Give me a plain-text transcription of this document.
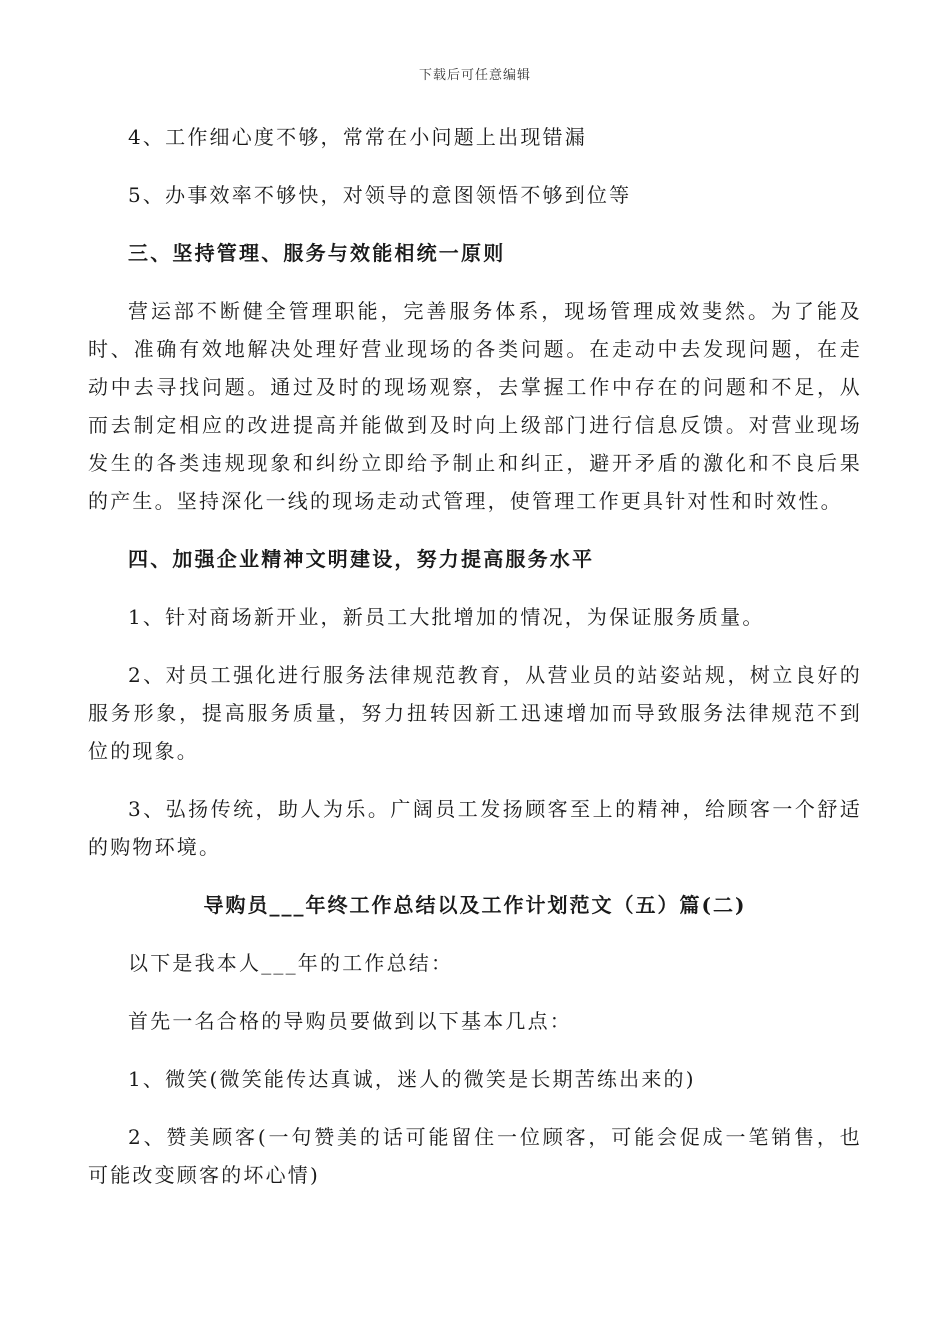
下载后可任意编辑

4、工作细心度不够，常常在小问题上出现错漏

5、办事效率不够快，对领导的意图领悟不够到位等

三、坚持管理、服务与效能相统一原则

营运部不断健全管理职能，完善服务体系，现场管理成效斐然。为了能及时、准确有效地解决处理好营业现场的各类问题。在走动中去发现问题，在走动中去寻找问题。通过及时的现场观察，去掌握工作中存在的问题和不足，从而去制定相应的改进提高并能做到及时向上级部门进行信息反馈。对营业现场发生的各类违规现象和纠纷立即给予制止和纠正，避开矛盾的激化和不良后果的产生。坚持深化一线的现场走动式管理，使管理工作更具针对性和时效性。

四、加强企业精神文明建设，努力提高服务水平

1、针对商场新开业，新员工大批增加的情况，为保证服务质量。

2、对员工强化进行服务法律规范教育，从营业员的站姿站规，树立良好的服务形象，提高服务质量，努力扭转因新工迅速增加而导致服务法律规范不到位的现象。

3、弘扬传统，助人为乐。广阔员工发扬顾客至上的精神，给顾客一个舒适的购物环境。

导购员___年终工作总结以及工作计划范文（五）篇(二)

以下是我本人___年的工作总结：

首先一名合格的导购员要做到以下基本几点：

1、微笑(微笑能传达真诚，迷人的微笑是长期苦练出来的)

2、赞美顾客(一句赞美的话可能留住一位顾客，可能会促成一笔销售，也可能改变顾客的坏心情)
